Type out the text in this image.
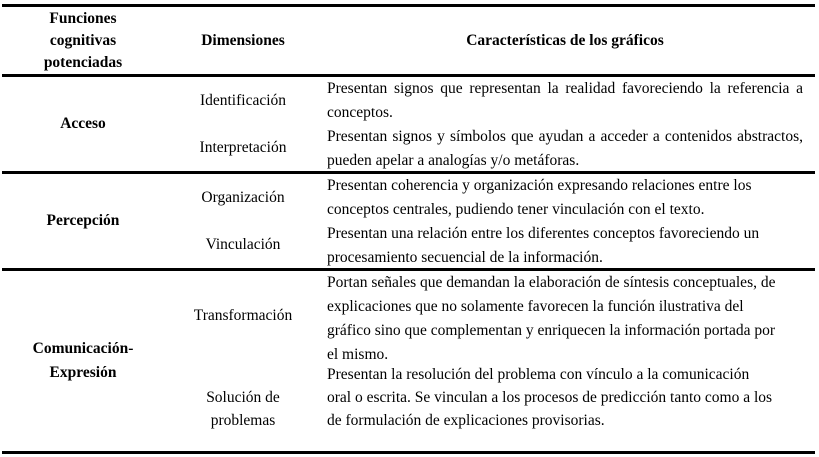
Funciones cognitivas potenciadas
Dimensiones	Características de los gráficos
Acceso
Identificación
Presentan signos que representan la realidad favoreciendo la referencia a conceptos.
Interpretación
Presentan signos y símbolos que ayudan a acceder a contenidos abstractos, pueden apelar a analogías y/o metáforas.
Percepción
Organización
Presentan coherencia y organización expresando relaciones entre los conceptos centrales, pudiendo tener vinculación con el texto.
Vinculación
Presentan una relación entre los diferentes conceptos favoreciendo un procesamiento secuencial de la información.
Comunicación-Expresión
Transformación
Portan señales que demandan la elaboración de síntesis conceptuales, de explicaciones que no solamente favorecen la función ilustrativa del gráfico sino que complementan y enriquecen la información portada por el mismo.
Solución de problemas
Presentan la resolución del problema con vínculo a la comunicación oral o escrita. Se vinculan a los procesos de predicción tanto como a los de formulación de explicaciones provisorias.
